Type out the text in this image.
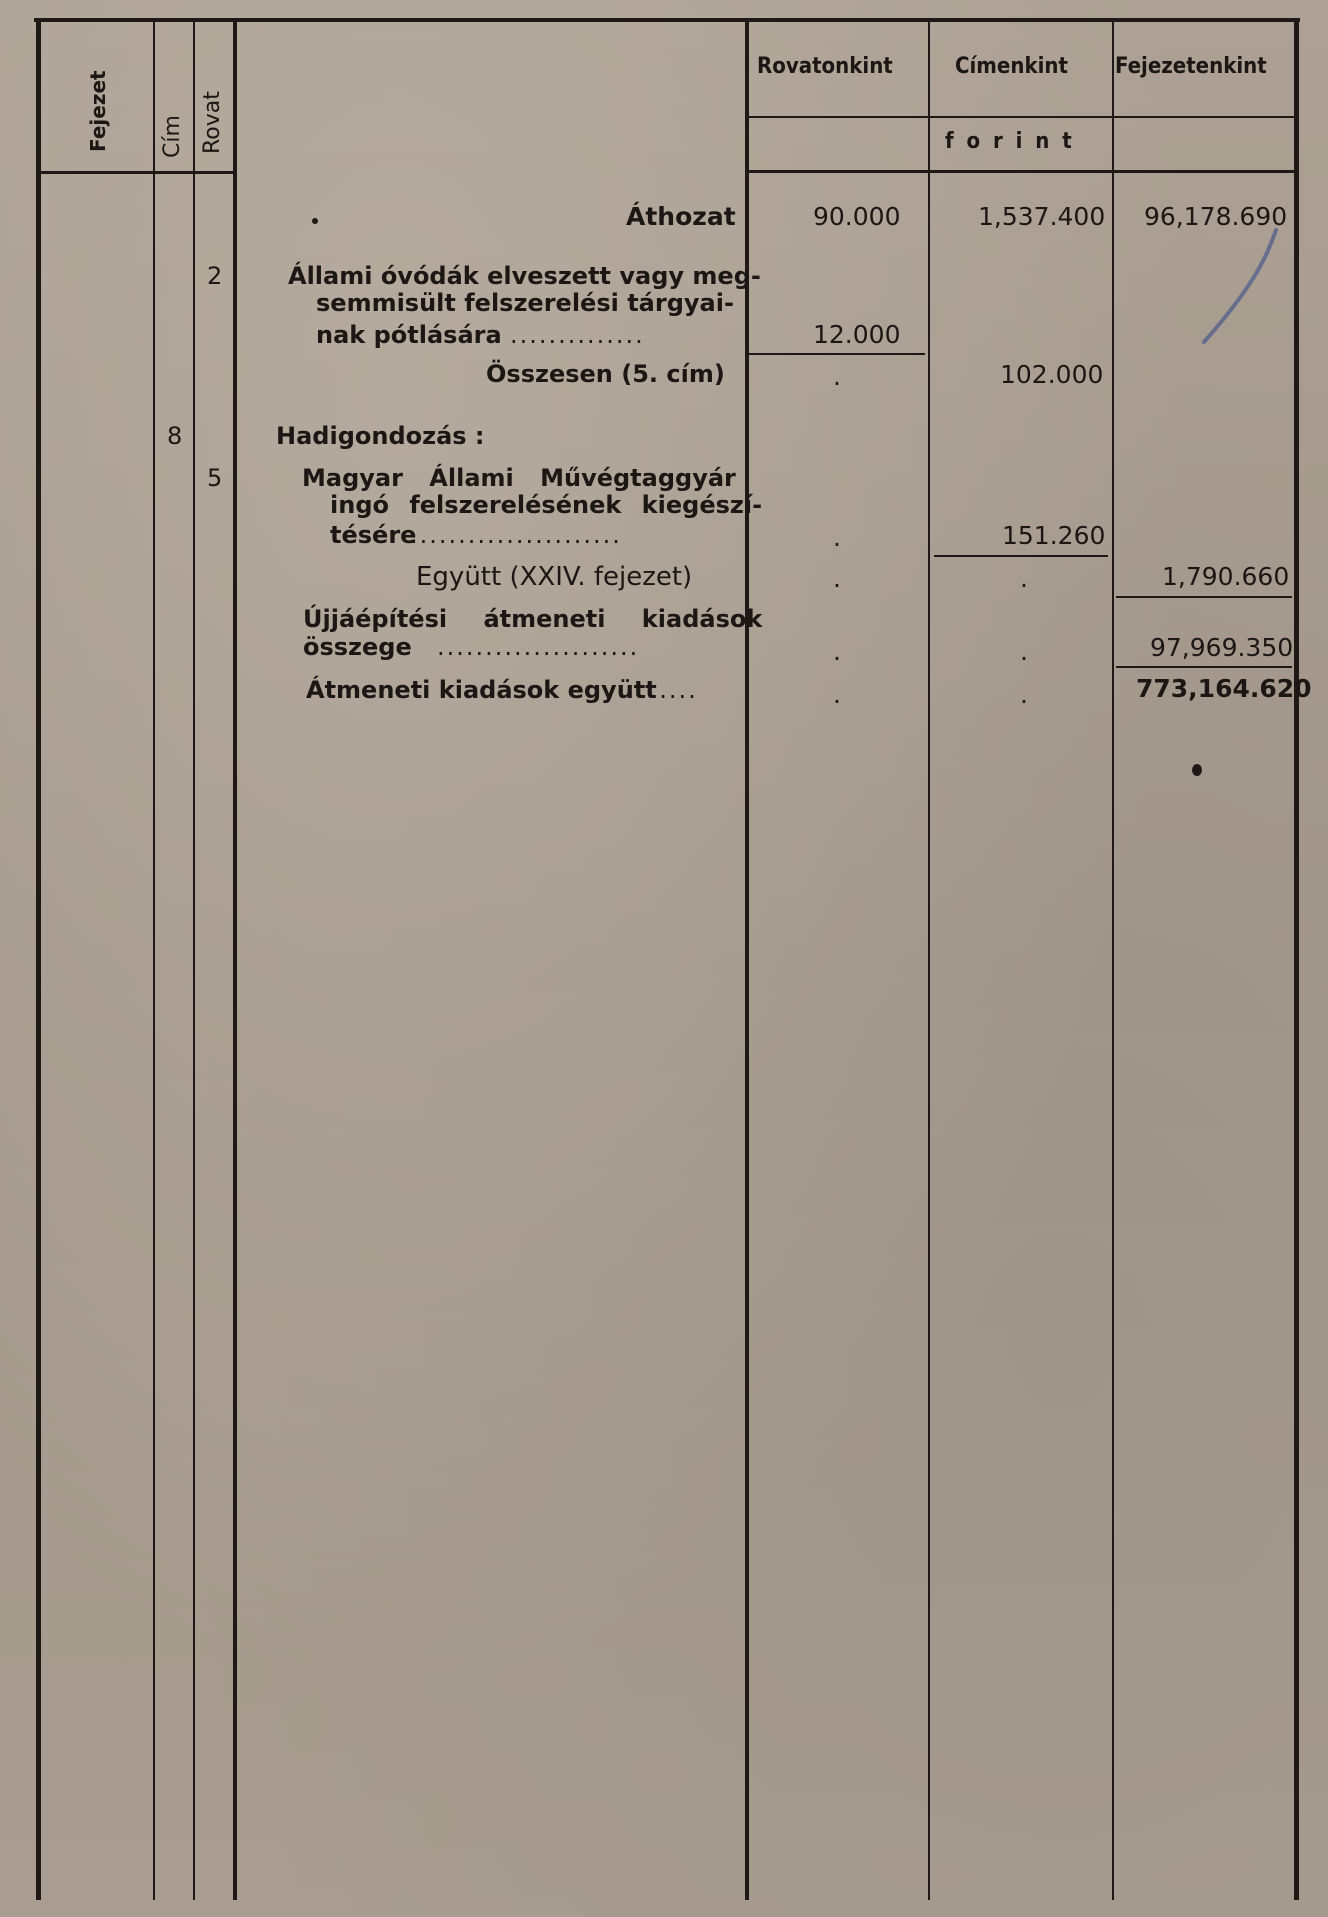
Fejezet Cím Rovat
Rovatonkint	Címenkint Fejezetenkint
f o r i n t
Áthozat	90.000	1,537.400 96,178.690
2	Állami óvódák elveszett vagy meg-
semmisült felszerelési tárgyai-
nak pótlására ..............	12.000
Összesen (5. cím)	.	102.000
8	Hadigondozás :
5	Magyar Állami Művégtaggyár
ingó felszerelésének kiegészí-
tésére
......................	.	151.260
Együtt (XXIV. fejezet)	.	.	1,790.660
Újjáépítési átmeneti kiadások
összege .....................	.	.	97,969.350
Átmeneti kiadások együtt
......	.	.	773,164.620
